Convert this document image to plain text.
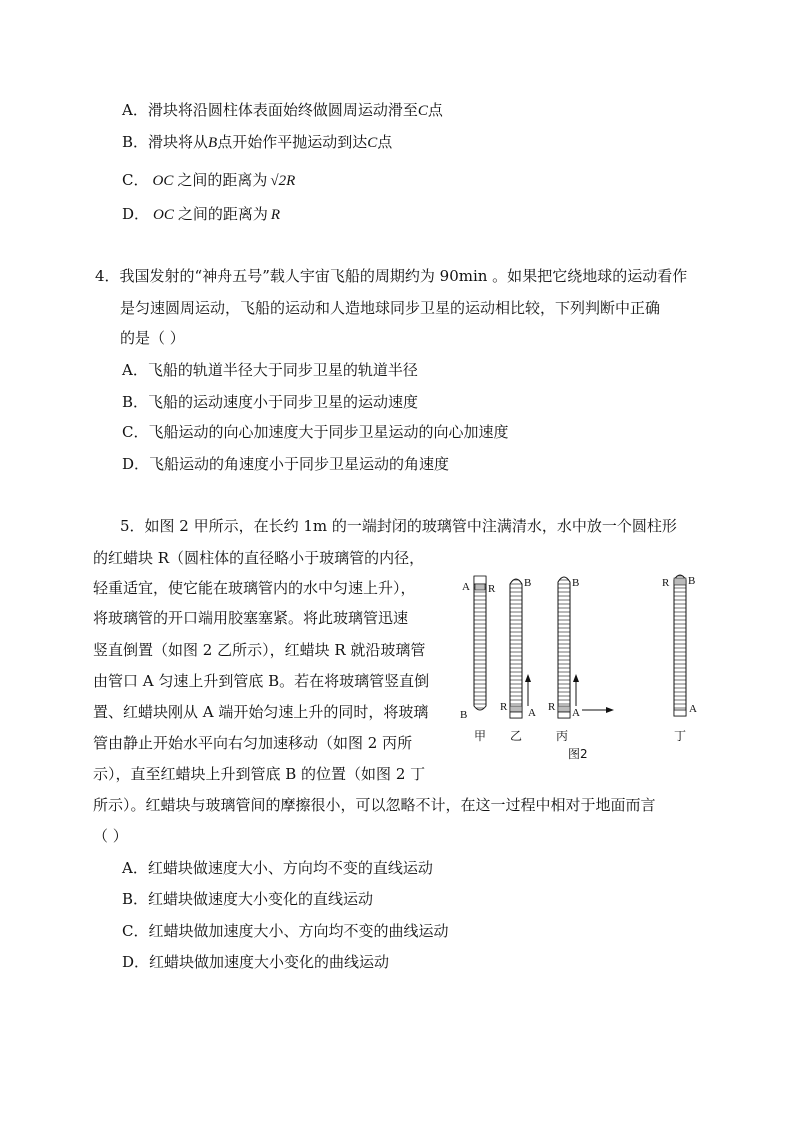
A．滑块将沿圆柱体表面始终做圆周运动滑至C点
B．滑块将从B点开始作平抛运动到达C点
C． OC 之间的距离为 √2R
D． OC 之间的距离为 R
4．我国发射的“神舟五号”载人宇宙飞船的周期约为 90min 。如果把它绕地球的运动看作
是匀速圆周运动，飞船的运动和人造地球同步卫星的运动相比较，下列判断中正确
的是（ ）
A．飞船的轨道半径大于同步卫星的轨道半径
B．飞船的运动速度小于同步卫星的运动速度
C．飞船运动的向心加速度大于同步卫星运动的向心加速度
D．飞船运动的角速度小于同步卫星运动的角速度
5．如图 2 甲所示，在长约 1m 的一端封闭的玻璃管中注满清水，水中放一个圆柱形
的红蜡块 R（圆柱体的直径略小于玻璃管的内径，
轻重适宜，使它能在玻璃管内的水中匀速上升），
将玻璃管的开口端用胶塞塞紧。将此玻璃管迅速
竖直倒置（如图 2 乙所示），红蜡块 R 就沿玻璃管
由管口 A 匀速上升到管底 B。若在将玻璃管竖直倒
置、红蜡块刚从 A 端开始匀速上升的同时，将玻璃
管由静止开始水平向右匀加速移动（如图 2 丙所
示），直至红蜡块上升到管底 B 的位置（如图 2 丁
所示）。红蜡块与玻璃管间的摩擦很小，可以忽略不计，在这一过程中相对于地面而言
（ ）
A．红蜡块做速度大小、方向均不变的直线运动
B．红蜡块做速度大小变化的直线运动
C．红蜡块做加速度大小、方向均不变的曲线运动
D．红蜡块做加速度大小变化的曲线运动
A R
B
甲
B
R A
乙
B
R A
丙
R B
A
丁
图2
